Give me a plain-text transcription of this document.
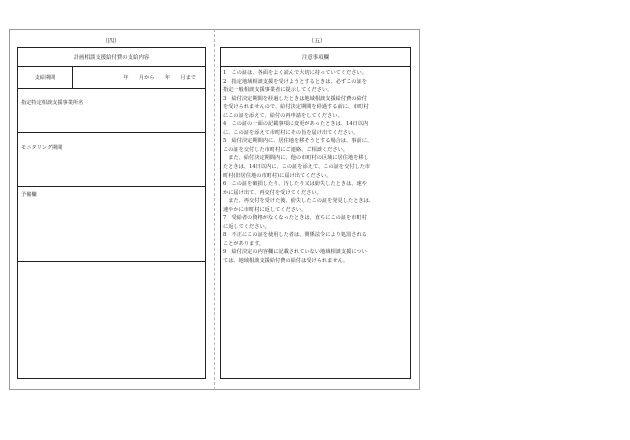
（四）	（五）
計画相談支援給付費の支給内容
支給期間	年　　月から　　年　　月まで
指定特定相談支援事業所名
モニタリング期間
予備欄
注意事項欄
1　この証は、各面をよく読んで大切に持っていてください。
2　指定地域相談支援を受けようとするときは、必ずこの証を
指定一般相談支援事業者に提示してください。
3　給付決定期間を経過したときは地域相談支援給付費の給付
を受けられませんので、給付決定期間を経過する前に、市町村
にこの証を添えて、給付の再申請をしてください。
4　この証の一面の記載事項に変更があったときは、14日以内
に、この証を添えて市町村にその旨を届け出てください。
5　給付決定期間内に、居住地を移そうとする場合は、事前に、
この証を交付した市町村にご連絡、ご相談ください。
　また、給付決定期間内に、他の市町村の区域に居住地を移し
たときは、14日以内に、この証を添えて、この証を交付した市
町村(旧居住地の市町村)に届け出てください。
6　この証を破損したり、汚したり又は紛失したときは、速や
かに届け出て、再交付を受けてください。
　また、再交付を受けた後、紛失したこの証を発見したときは、
速やかに市町村に返してください。
7　受給者の資格がなくなったときは、直ちにこの証を市町村
に返してください。
8　不正にこの証を使用した者は、関係法令により処罰される
ことがあります。
9　給付決定の内容欄に記載されていない地域相談支援につい
ては、地域相談支援給付費の給付は受けられません。
